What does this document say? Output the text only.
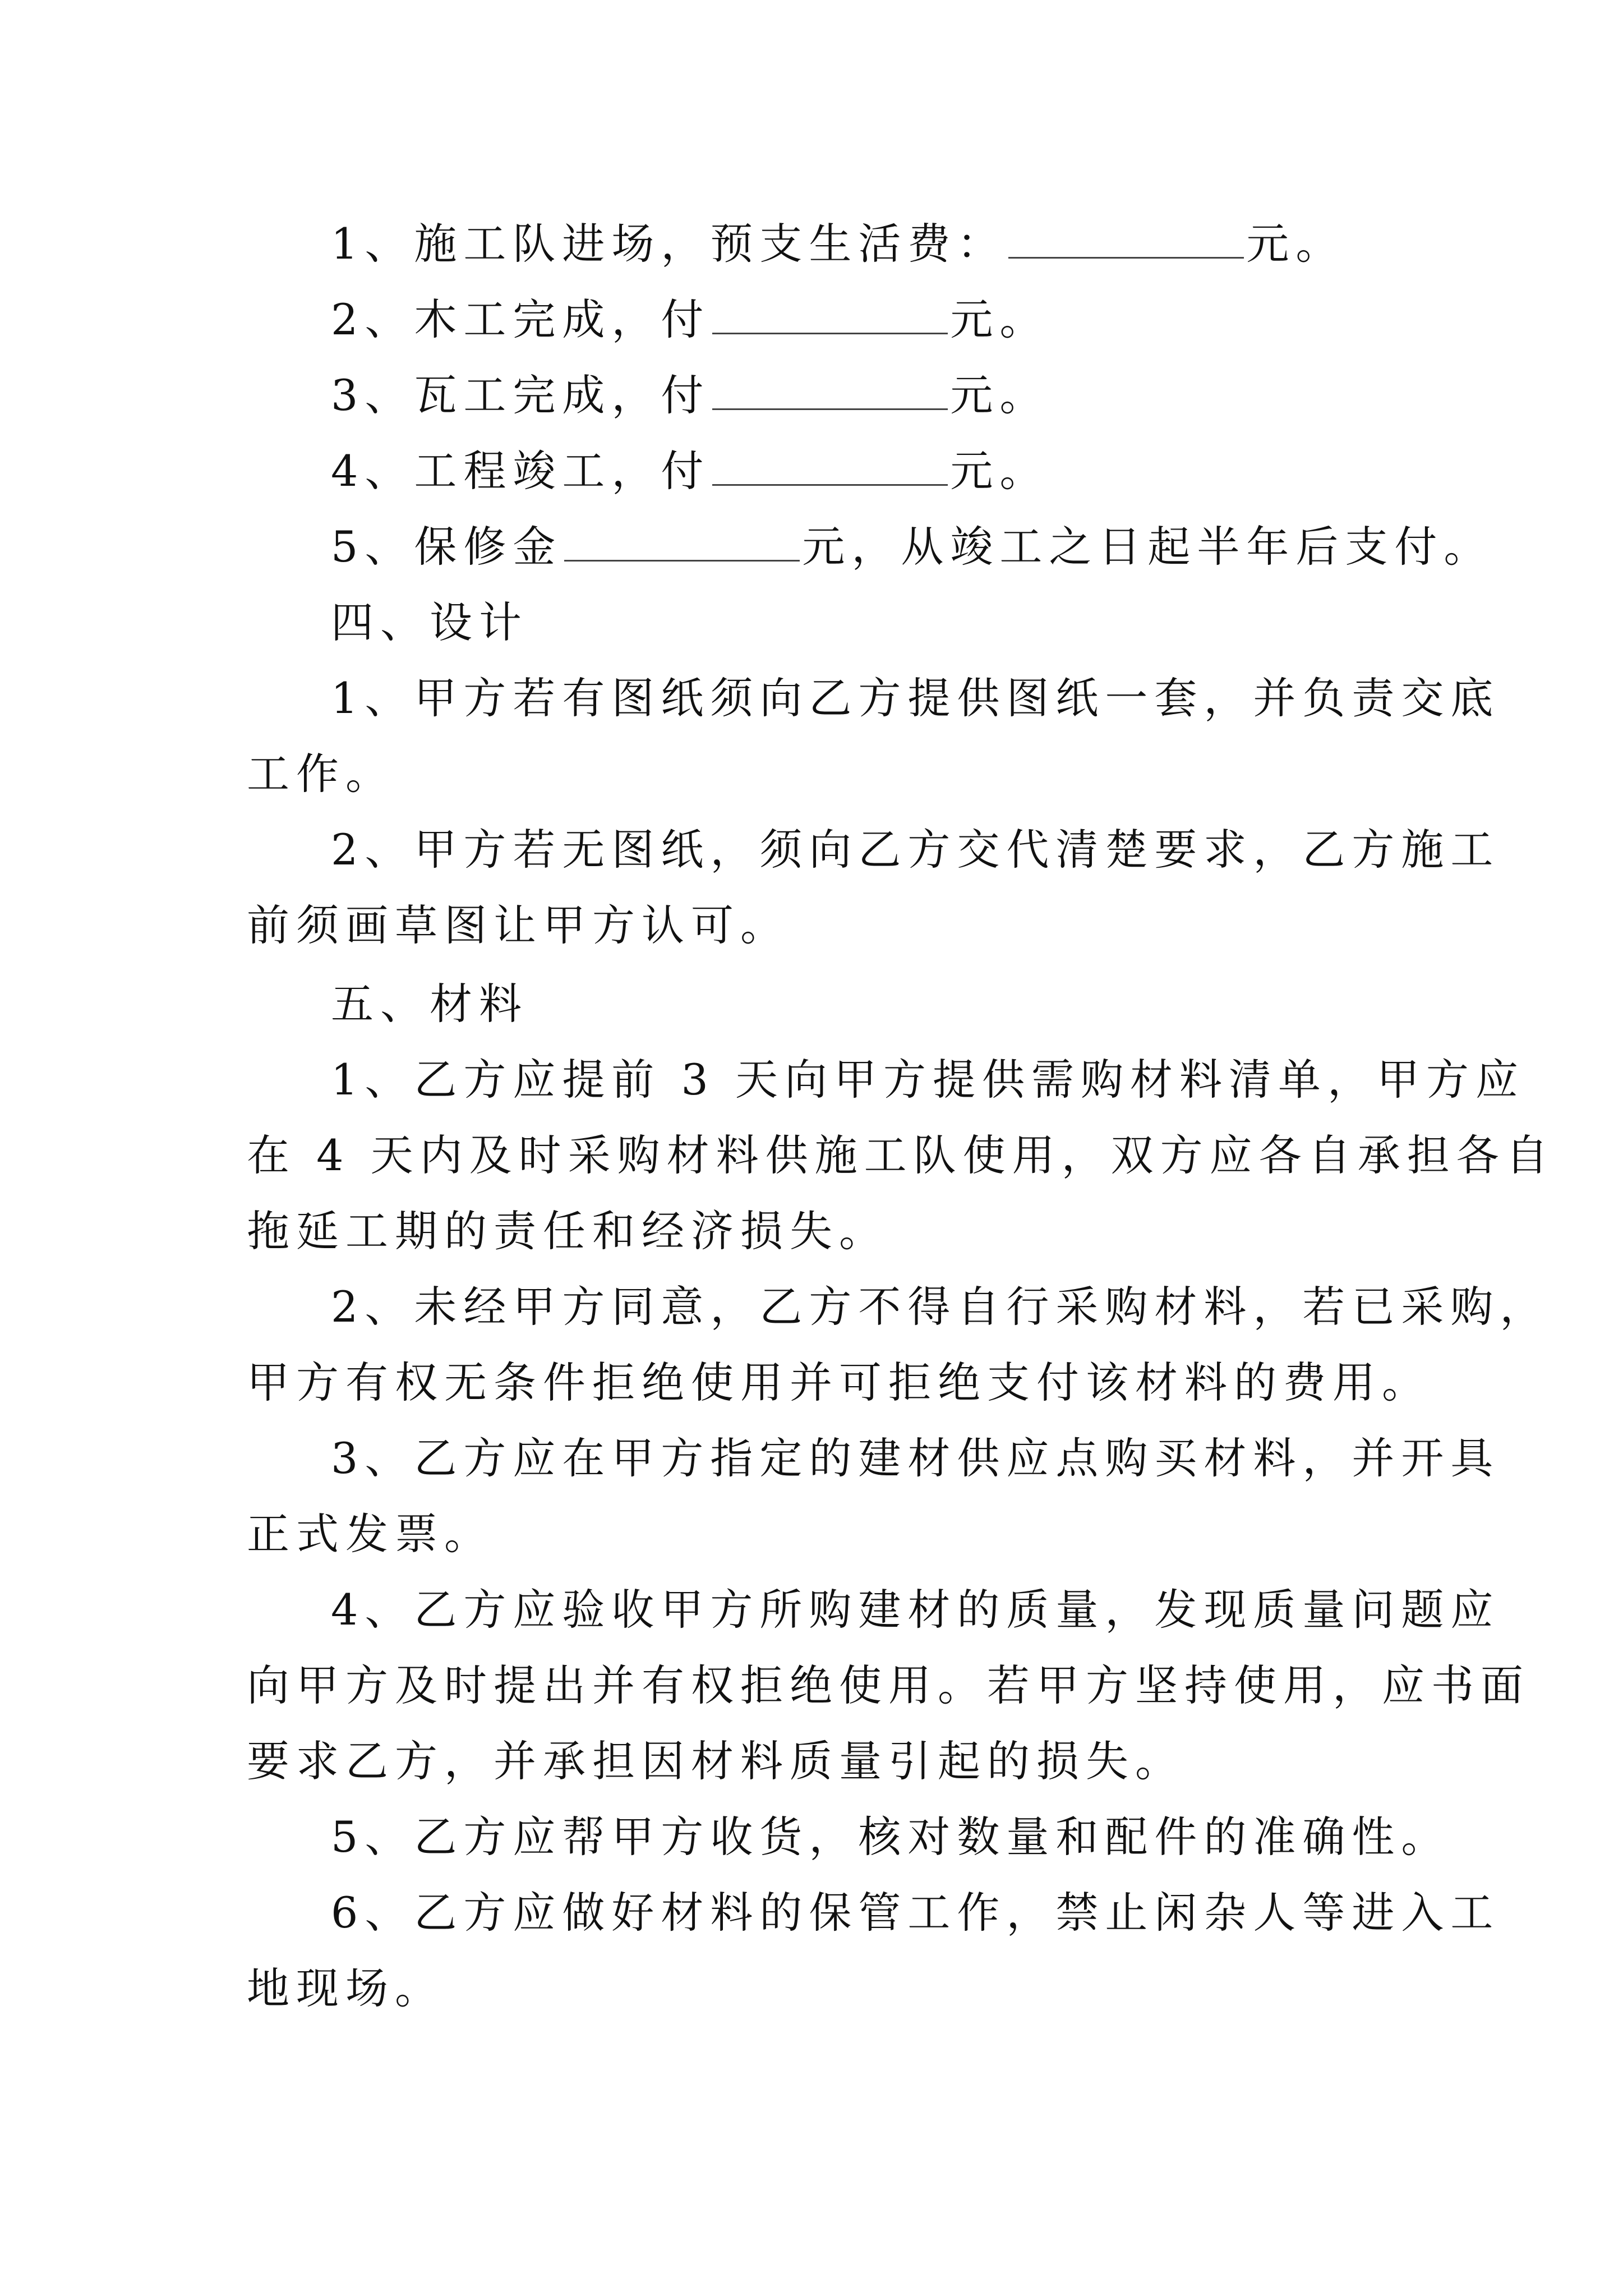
1、施工队进场，预支生活费：	元。
2、木工完成，付	元。
3、瓦工完成，付	元。
4、工程竣工，付	元。
5、保修金	元，从竣工之日起半年后支付。
四、设计
1、甲方若有图纸须向乙方提供图纸一套，并负责交底
工作。
2、甲方若无图纸，须向乙方交代清楚要求，乙方施工
前须画草图让甲方认可。
五、材料
1、乙方应提前 3 天向甲方提供需购材料清单，甲方应
在 4 天内及时采购材料供施工队使用，双方应各自承担各自
拖延工期的责任和经济损失。
2、未经甲方同意，乙方不得自行采购材料，若已采购，
甲方有权无条件拒绝使用并可拒绝支付该材料的费用。
3、乙方应在甲方指定的建材供应点购买材料，并开具
正式发票。
4、乙方应验收甲方所购建材的质量，发现质量问题应
向甲方及时提出并有权拒绝使用。若甲方坚持使用，应书面
要求乙方，并承担因材料质量引起的损失。
5、乙方应帮甲方收货，核对数量和配件的准确性。
6、乙方应做好材料的保管工作，禁止闲杂人等进入工
地现场。
